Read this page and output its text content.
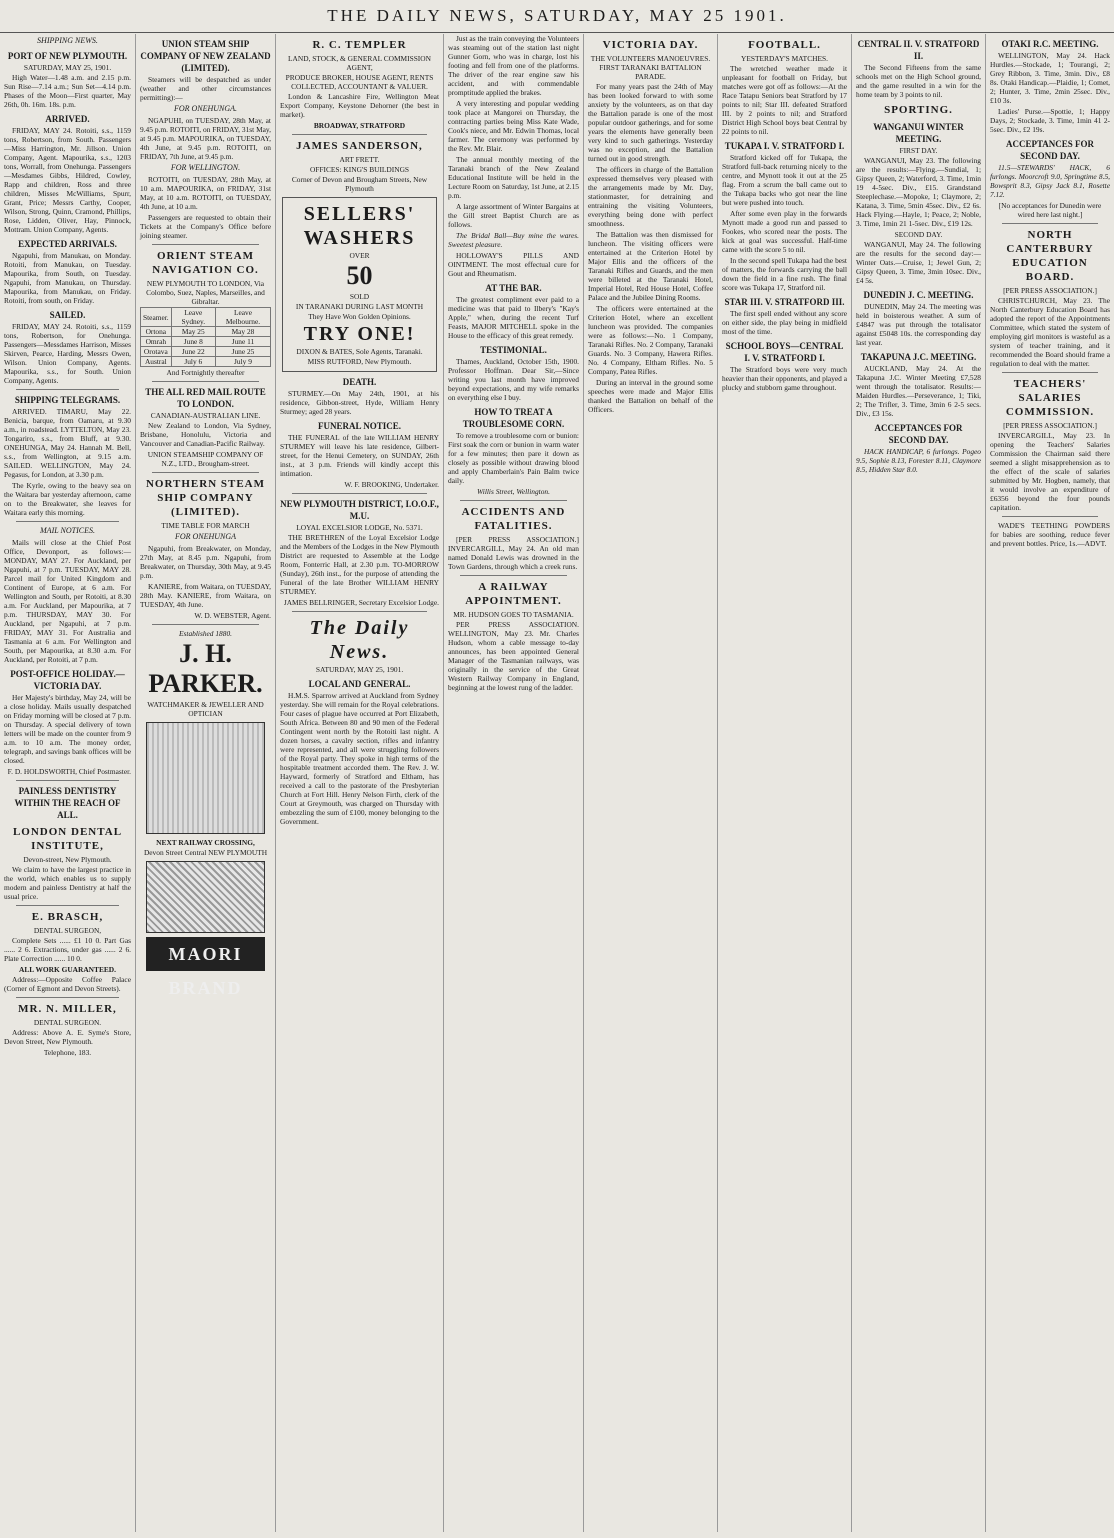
THE DAILY NEWS, SATURDAY, MAY 25 1901.
SHIPPING NEWS.
PORT OF NEW PLYMOUTH.
SATURDAY, MAY 25, 1901.
High Water—1.48 a.m. and 2.15 p.m. Sun Rise—7.14 a.m.; Sun Set—4.14 p.m. Phases of the Moon—First quarter, May 26th, 0h. 16m. 18s. p.m.
ARRIVED.
FRIDAY, MAY 24. Rotoiti, s.s., 1159 tons, Robertson, from South. Passengers—Miss Harrington, Mr. Jillson. Union Company, Agent. Mapourika, s.s., 1203 tons, Worrall, from Onehunga. Passengers—Mesdames Gibbs, Hildred, Cowley, Rapp and children, Ross and three children, Misses McWilliams, Spurr, Grant, Price; Messrs Carthy, Cooper, Wilson, Strong, Quinn, Cramond, Phillips, Rose, Lidden, Oliver, Hay, Pinnock, Mottram. Union Company, Agents.
EXPECTED ARRIVALS.
Ngapuhi, from Manukau, on Monday. Rotoiti, from Manukau, on Tuesday. Mapourika, from South, on Tuesday. Ngapuhi, from Manukau, on Thursday. Mapourika, from Manukau, on Friday. Rotoiti, from south, on Friday.
SAILED.
FRIDAY, MAY 24. Rotoiti, s.s., 1159 tons, Robertson, for Onehunga. Passengers—Messdames Harrison, Misses Skirven, Pearce, Harding, Messrs Owen, Wilson. Union Company, Agents. Mapourika, s.s., for South. Union Company, Agents.
SHIPPING TELEGRAMS.
ARRIVED. TIMARU, May 22. Benicia, barque, from Oamaru, at 9.30 a.m., in roadstead. LYTTELTON, May 23. Tongariro, s.s., from Bluff, at 9.30. ONEHUNGA, May 24. Hannah M. Bell, s.s., from Wellington, at 9.15 a.m. SAILED. WELLINGTON, May 24. Pegasus, for London, at 3.30 p.m.
The Kyrle, owing to the heavy sea on the Waitara bar yesterday afternoon, came on to the Breakwater, she leaves for Waitara early this morning.
MAIL NOTICES.
Mails will close at the Chief Post Office, Devonport, as follows:—MONDAY, MAY 27. For Auckland, per Ngapuhi, at 7 p.m. TUESDAY, MAY 28. Parcel mail for United Kingdom and Continent of Europe, at 6 a.m. For Wellington and South, per Rotoiti, at 8.30 a.m. For Auckland, per Mapourika, at 7 p.m. THURSDAY, MAY 30. For Auckland, per Ngapuhi, at 7 p.m. FRIDAY, MAY 31. For Australia and Tasmania at 6 a.m. For Wellington and South, per Mapourika, at 8.30 a.m. For Auckland, per Rotoiti, at 7 p.m.
POST-OFFICE HOLIDAY.—VICTORIA DAY.
Her Majesty's birthday, May 24, will be a close holiday. Mails usually despatched on Friday morning will be closed at 7 p.m. on Thursday. A special delivery of town letters will be made on the counter from 9 a.m. to 10 a.m. The money order, telegraph, and savings bank offices will be closed.
F. D. HOLDSWORTH, Chief Postmaster.
PAINLESS DENTISTRY WITHIN THE REACH OF ALL.
LONDON DENTAL INSTITUTE,
Devon-street, New Plymouth.
We claim to have the largest practice in the world, which enables us to supply modern and painless Dentistry at half the usual price.
E. BRASCH,
DENTAL SURGEON,
Complete Sets ...... £1 10 0. Part Gas ...... 2 6. Extractions, under gas ...... 2 6. Plate Correction ...... 10 0.
ALL WORK GUARANTEED.
Address:—Opposite Coffee Palace (Corner of Egmont and Devon Streets).
MR. N. MILLER,
DENTAL SURGEON.
Address: Above A. E. Syme's Store, Devon Street, New Plymouth.
Telephone, 183.
UNION STEAM SHIP COMPANY OF NEW ZEALAND (LIMITED).
Steamers will be despatched as under (weather and other circumstances permitting):—
FOR ONEHUNGA.
NGAPUHI, on TUESDAY, 28th May, at 9.45 p.m. ROTOITI, on FRIDAY, 31st May, at 9.45 p.m. MAPOURIKA, on TUESDAY, 4th June, at 9.45 p.m. ROTOITI, on FRIDAY, 7th June, at 9.45 p.m.
FOR WELLINGTON.
ROTOITI, on TUESDAY, 28th May, at 10 a.m. MAPOURIKA, on FRIDAY, 31st May, at 10 a.m. ROTOITI, on TUESDAY, 4th June, at 10 a.m.
Passengers are requested to obtain their Tickets at the Company's Office before joining steamer.
ORIENT STEAM NAVIGATION CO.
NEW PLYMOUTH TO LONDON, Via Colombo, Suez, Naples, Marseilles, and Gibraltar.
Steamer.	Leave Sydney.	Leave Melbourne.
Ortona	May 25	May 28
Omrah	June 8	June 11
Orotava	June 22	June 25
Austral	July 6	July 9
And Fortnightly thereafter
THE ALL RED MAIL ROUTE TO LONDON.
CANADIAN-AUSTRALIAN LINE.
New Zealand to London, Via Sydney, Brisbane, Honolulu, Victoria and Vancouver and Canadian-Pacific Railway.
UNION STEAMSHIP COMPANY OF N.Z., LTD., Brougham-street.
NORTHERN STEAM SHIP COMPANY (LIMITED).
TIME TABLE FOR MARCH
FOR ONEHUNGA
Ngapuhi, from Breakwater, on Monday, 27th May, at 8.45 p.m. Ngapuhi, from Breakwater, on Thursday, 30th May, at 9.45 p.m.
KANIERE, from Waitara, on TUESDAY, 28th May. KANIERE, from Waitara, on TUESDAY, 4th June.
W. D. WEBSTER, Agent.
Established 1880.
J. H. PARKER.
WATCHMAKER & JEWELLER AND OPTICIAN
NEXT RAILWAY CROSSING,
Devon Street Central NEW PLYMOUTH
MAORI BRAND
R. C. TEMPLER
LAND, STOCK, & GENERAL COMMISSION AGENT,
PRODUCE BROKER, HOUSE AGENT, RENTS COLLECTED, ACCOUNTANT & VALUER.
London & Lancashire Fire, Wellington Meat Export Company, Keystone Dehorner (the best in market).
BROADWAY, STRATFORD
JAMES SANDERSON,
ART FRETT.
OFFICES: KING'S BUILDINGS
Corner of Devon and Brougham Streets, New Plymouth
SELLERS'
WASHERS
OVER
50
SOLD
IN TARANAKI DURING LAST MONTH
They Have Won Golden Opinions.
TRY ONE!
DIXON & BATES, Sole Agents, Taranaki.
MISS RUTFORD, New Plymouth.
DEATH.
STURMEY.—On May 24th, 1901, at his residence, Gibbon-street, Hyde, William Henry Sturmey; aged 28 years.
FUNERAL NOTICE.
THE FUNERAL of the late WILLIAM HENRY STURMEY will leave his late residence, Gilbert-street, for the Henui Cemetery, on SUNDAY, 26th inst., at 3 p.m. Friends will kindly accept this intimation.
W. F. BROOKING, Undertaker.
NEW PLYMOUTH DISTRICT, I.O.O.F., M.U.
LOYAL EXCELSIOR LODGE, No. 5371.
THE BRETHREN of the Loyal Excelsior Lodge and the Members of the Lodges in the New Plymouth District are requested to Assemble at the Lodge Room, Fonterric Hall, at 2.30 p.m. TO-MORROW (Sunday), 26th inst., for the purpose of attending the Funeral of the late Brother WILLIAM HENRY STURMEY.
JAMES BELLRINGER, Secretary Excelsior Lodge.
The Daily News.
SATURDAY, MAY 25, 1901.
LOCAL AND GENERAL.
H.M.S. Sparrow arrived at Auckland from Sydney yesterday. She will remain for the Royal celebrations. Four cases of plague have occurred at Port Elizabeth, South Africa. Between 80 and 90 men of the Federal Contingent went north by the Rotoiti last night. A dozen horses, a cavalry section, rifles and infantry were represented, and all were struggling followers of the Royal party. They spoke in high terms of the hospitable treatment accorded them. The Rev. J. W. Hayward, formerly of Stratford and Eltham, has received a call to the pastorate of the Presbyterian Church at Fort Hill. Henry Nelson Firth, clerk of the Court at Greymouth, was charged on Thursday with embezzling the sum of £100, money belonging to the Government.
Just as the train conveying the Volunteers was steaming out of the station last night Gunner Gorn, who was in charge, lost his footing and fell from one of the platforms. The driver of the rear engine saw his accident, and with commendable promptitude applied the brakes.
A very interesting and popular wedding took place at Mangorei on Thursday, the contracting parties being Miss Kate Wade, Cook's niece, and Mr. Edwin Thomas, local farmer. The ceremony was performed by the Rev. Mr. Blair.
The annual monthly meeting of the Taranaki branch of the New Zealand Educational Institute will be held in the Lecture Room on Saturday, 1st June, at 2.15 p.m.
A large assortment of Winter Bargains at the Gill street Baptist Church are as follows.
The Bridal Ball—Buy mine the wares. Sweetest pleasure.
HOLLOWAY'S PILLS AND OINTMENT. The most effectual cure for Gout and Rheumatism.
AT THE BAR.
The greatest compliment ever paid to a medicine was that paid to Ilbery's "Kay's Apple," when, during the recent Turf Feasts, MAJOR MITCHELL spoke in the House to the efficacy of this great remedy.
TESTIMONIAL.
Thames, Auckland, October 15th, 1900. Professor Hoffman. Dear Sir,—Since writing you last month have improved beyond expectations, and my wife remarks on everything else I buy.
HOW TO TREAT A TROUBLESOME CORN.
To remove a troublesome corn or bunion: First soak the corn or bunion in warm water for a few minutes; then pare it down as closely as possible without drawing blood and apply Chamberlain's Pain Balm twice daily.
Willis Street, Wellington.
ACCIDENTS AND FATALITIES.
[PER PRESS ASSOCIATION.] INVERCARGILL, May 24. An old man named Donald Lewis was drowned in the Town Gardens, through which a creek runs.
A RAILWAY APPOINTMENT.
MR. HUDSON GOES TO TASMANIA.
PER PRESS ASSOCIATION. WELLINGTON, May 23. Mr. Charles Hudson, whom a cable message to-day announces, has been appointed General Manager of the Tasmanian railways, was originally in the service of the Great Western Railway Company in England, beginning at the lowest rung of the ladder.
VICTORIA DAY.
THE VOLUNTEERS MANOEUVRES. FIRST TARANAKI BATTALION PARADE.
For many years past the 24th of May has been looked forward to with some anxiety by the volunteers, as on that day the Battalion parade is one of the most popular outdoor gatherings, and for some years the elements have generally been very kind to such gatherings. Yesterday was no exception, and the Battalion turned out in good strength.
The officers in charge of the Battalion expressed themselves very pleased with the arrangements made by Mr. Day, stationmaster, for detraining and entraining the visiting Volunteers, everything being done with perfect smoothness.
The Battalion was then dismissed for luncheon. The visiting officers were entertained at the Criterion Hotel by Major Ellis and the officers of the Taranaki Rifles and Guards, and the men were billeted at the Taranaki Hotel, Imperial Hotel, Red House Hotel, Coffee Palace and the Jubilee Dining Rooms.
The officers were entertained at the Criterion Hotel, where an excellent luncheon was provided. The companies were as follows:—No. 1 Company, Taranaki Rifles. No. 2 Company, Taranaki Guards. No. 3 Company, Hawera Rifles. No. 4 Company, Eltham Rifles. No. 5 Company, Patea Rifles.
During an interval in the ground some speeches were made and Major Ellis thanked the Battalion on behalf of the Officers.
FOOTBALL.
YESTERDAY'S MATCHES.
The wretched weather made it unpleasant for football on Friday, but matches were got off as follows:—At the Race Tatapu Seniors beat Stratford by 17 points to nil; Star III. defeated Stratford III. by 2 points to nil; and Stratford District High School boys beat Central by 22 points to nil.
TUKAPA I. V. STRATFORD I.
Stratford kicked off for Tukapa, the Stratford full-back returning nicely to the centre, and Mynott took it out at the 25 flag. From a scrum the ball came out to the Tukapa backs who got near the line but were pushed into touch.
After some even play in the forwards Mynott made a good run and passed to Fookes, who scored near the posts. The kick at goal was successful. Half-time came with the score 5 to nil.
In the second spell Tukapa had the best of matters, the forwards carrying the ball down the field in a fine rush. The final score was Tukapa 17, Stratford nil.
STAR III. V. STRATFORD III.
The first spell ended without any score on either side, the play being in midfield most of the time.
SCHOOL BOYS—CENTRAL I. V. STRATFORD I.
The Stratford boys were very much heavier than their opponents, and played a plucky and stubborn game throughout.
CENTRAL II. V. STRATFORD II.
The Second Fifteens from the same schools met on the High School ground, and the game resulted in a win for the home team by 3 points to nil.
SPORTING.
WANGANUI WINTER MEETING.
FIRST DAY.
WANGANUI, May 23. The following are the results:—Flying.—Sundial, 1; Gipsy Queen, 2; Waterford, 3. Time, 1min 19 4-5sec. Div., £15. Grandstand Steeplechase.—Mopoke, 1; Claymore, 2; Katana, 3. Time, 5min 45sec. Div., £2 6s. Hack Flying.—Hayle, 1; Peace, 2; Noble, 3. Time, 1min 21 1-5sec. Div., £19 12s.
SECOND DAY.
WANGANUI, May 24. The following are the results for the second day:—Winter Oats.—Cruise, 1; Jewel Gun, 2; Gipsy Queen, 3. Time, 3min 10sec. Div., £4 5s.
DUNEDIN J. C. MEETING.
DUNEDIN, May 24. The meeting was held in boisterous weather. A sum of £4847 was put through the totalisator against £5048 10s. the corresponding day last year.
TAKAPUNA J.C. MEETING.
AUCKLAND, May 24. At the Takapuna J.C. Winter Meeting £7,528 went through the totalisator. Results:—Maiden Hurdles.—Perseverance, 1; Tiki, 2; The Trifler, 3. Time, 3min 6 2-5 secs. Div., £3 15s.
ACCEPTANCES FOR SECOND DAY.
HACK HANDICAP, 6 furlongs. Pogeo 9.5, Sophie 8.13, Forester 8.11, Claymore 8.5, Hidden Star 8.0.
OTAKI R.C. MEETING.
WELLINGTON, May 24. Hack Hurdles.—Stockade, 1; Tourangi, 2; Grey Ribbon, 3. Time, 3min. Div., £8 8s. Otaki Handicap.—Plaidie, 1; Comet, 2; Hunter, 3. Time, 2min 25sec. Div., £10 3s.
Ladies' Purse.—Spottie, 1; Happy Days, 2; Stockade, 3. Time, 1min 41 2-5sec. Div., £2 19s.
ACCEPTANCES FOR SECOND DAY.
11.5—STEWARDS' HACK, 6 furlongs. Moorcroft 9.0, Springtime 8.5, Bowsprit 8.3, Gipsy Jack 8.1, Rosette 7.12.
[No acceptances for Dunedin were wired here last night.]
NORTH CANTERBURY EDUCATION BOARD.
[PER PRESS ASSOCIATION.]
CHRISTCHURCH, May 23. The North Canterbury Education Board has adopted the report of the Appointments Committee, which stated the system of employing girl monitors is wasteful as a system of teacher training, and it recommended the Board should frame a regulation to deal with the matter.
TEACHERS' SALARIES COMMISSION.
[PER PRESS ASSOCIATION.]
INVERCARGILL, May 23. In opening the Teachers' Salaries Commission the Chairman said there seemed a slight misapprehension as to the effect of the scale of salaries submitted by Mr. Hogben, namely, that it would involve an expenditure of £6356 beyond the four pounds capitation.
WADE'S TEETHING POWDERS for babies are soothing, reduce fever and prevent bottles. Price, 1s.—ADVT.
